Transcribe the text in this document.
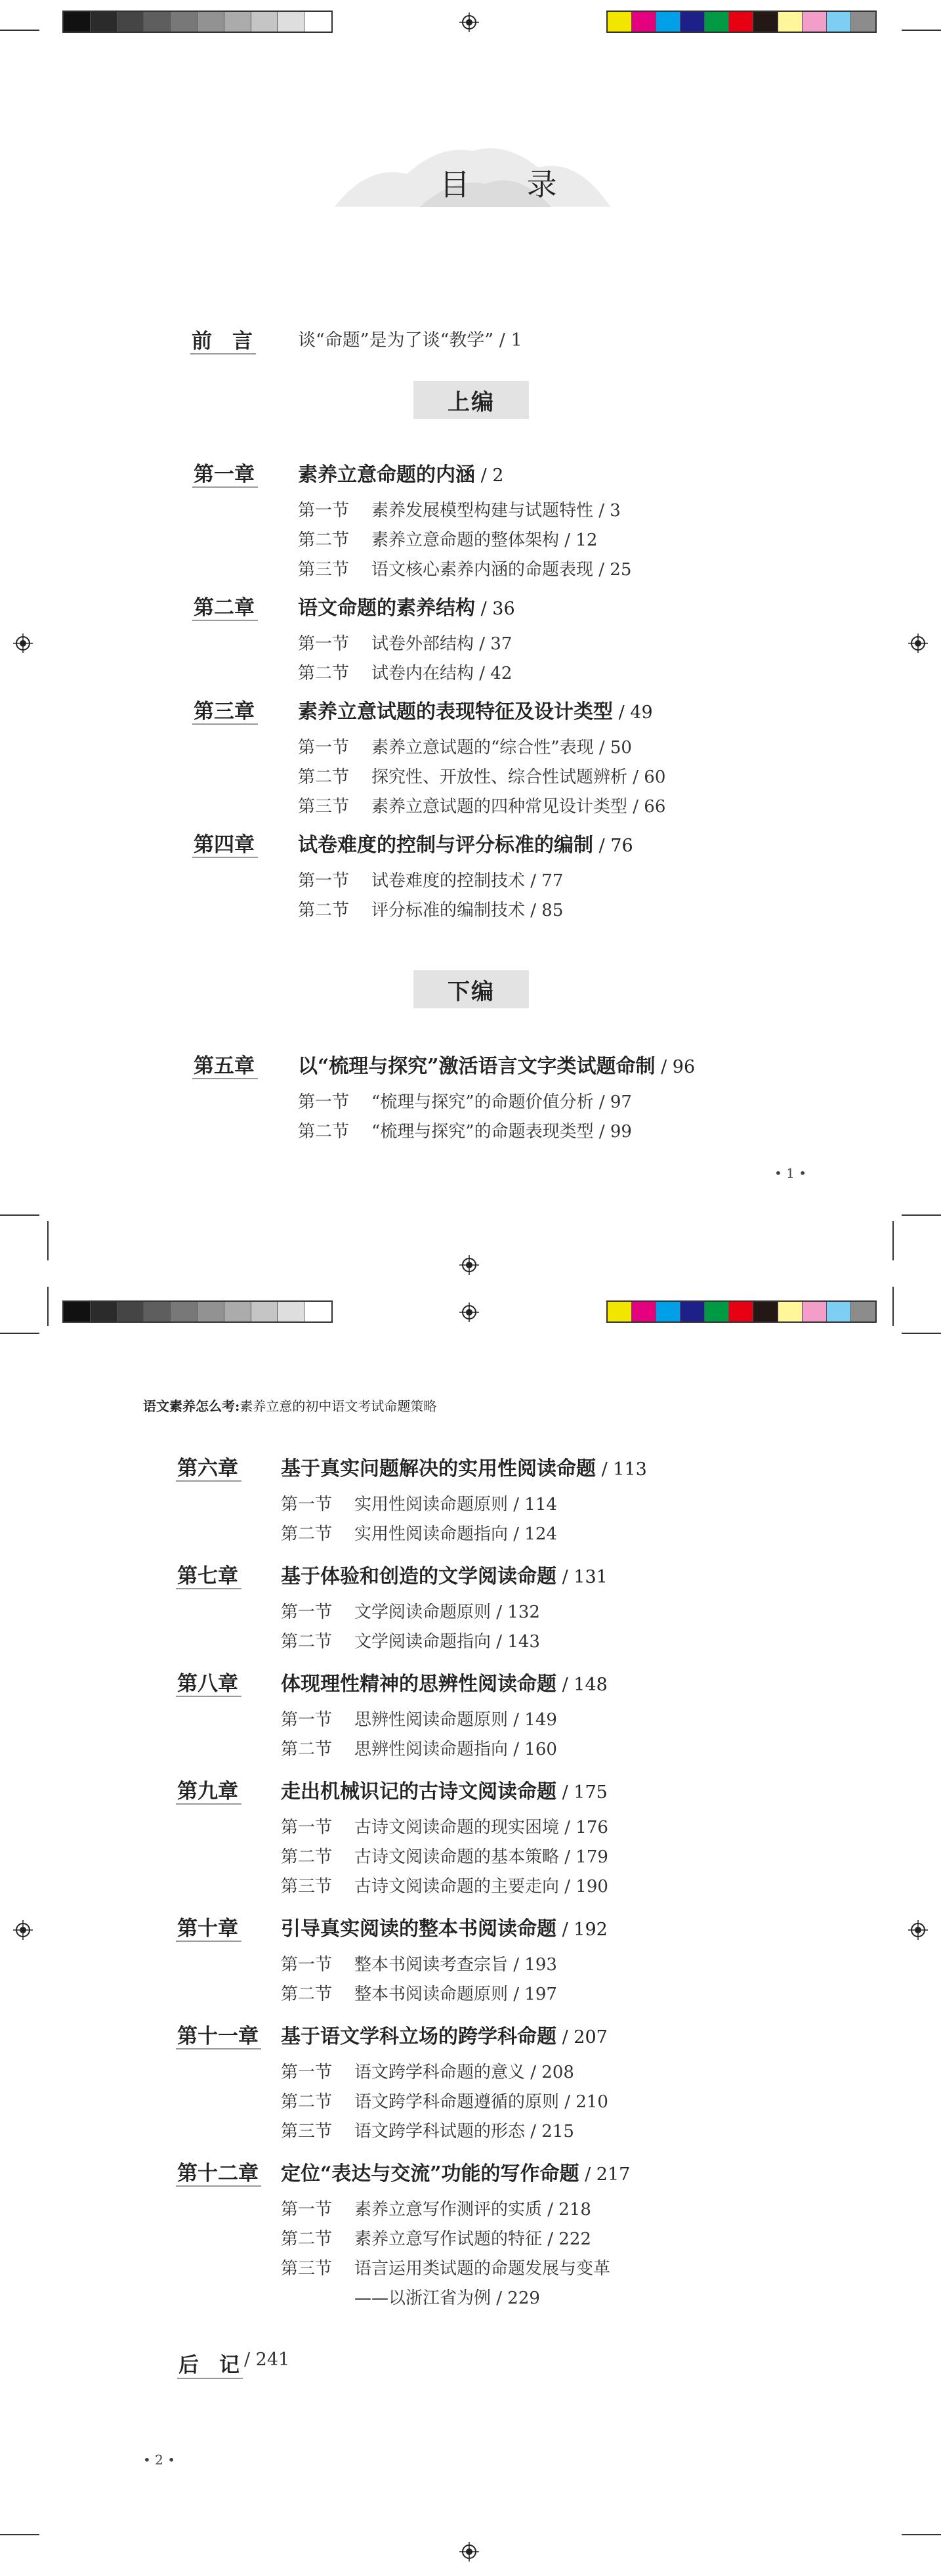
目 录
前　言	谈“命题”是为了谈“教学” / 1
上编
第一章 素养立意命题的内涵 / 2
第一节 素养发展模型构建与试题特性 / 3
第二节 素养立意命题的整体架构 / 12
第三节 语文核心素养内涵的命题表现 / 25
第二章 语文命题的素养结构 / 36
第一节 试卷外部结构 / 37
第二节 试卷内在结构 / 42
第三章 素养立意试题的表现特征及设计类型 / 49
第一节 素养立意试题的“综合性”表现 / 50
第二节 探究性、开放性、综合性试题辨析 / 60
第三节 素养立意试题的四种常见设计类型 / 66
第四章 试卷难度的控制与评分标准的编制 / 76
第一节 试卷难度的控制技术 / 77
第二节 评分标准的编制技术 / 85
下编
第五章 以“梳理与探究”激活语言文字类试题命制 / 96
第一节 “梳理与探究”的命题价值分析 / 97
第二节 “梳理与探究”的命题表现类型 / 99
• 1 •
语文素养怎么考:素养立意的初中语文考试命题策略
第六章 基于真实问题解决的实用性阅读命题 / 113
第一节 实用性阅读命题原则 / 114
第二节 实用性阅读命题指向 / 124
第七章 基于体验和创造的文学阅读命题 / 131
第一节 文学阅读命题原则 / 132
第二节 文学阅读命题指向 / 143
第八章 体现理性精神的思辨性阅读命题 / 148
第一节 思辨性阅读命题原则 / 149
第二节 思辨性阅读命题指向 / 160
第九章 走出机械识记的古诗文阅读命题 / 175
第一节 古诗文阅读命题的现实困境 / 176
第二节 古诗文阅读命题的基本策略 / 179
第三节 古诗文阅读命题的主要走向 / 190
第十章 引导真实阅读的整本书阅读命题 / 192
第一节 整本书阅读考查宗旨 / 193
第二节 整本书阅读命题原则 / 197
第十一章 基于语文学科立场的跨学科命题 / 207
第一节 语文跨学科命题的意义 / 208
第二节 语文跨学科命题遵循的原则 / 210
第三节 语文跨学科试题的形态 / 215
第十二章 定位“表达与交流”功能的写作命题 / 217
第一节 素养立意写作测评的实质 / 218
第二节 素养立意写作试题的特征 / 222
第三节 语言运用类试题的命题发展与变革
——以浙江省为例 / 229
后　记 / 241
• 2 •
